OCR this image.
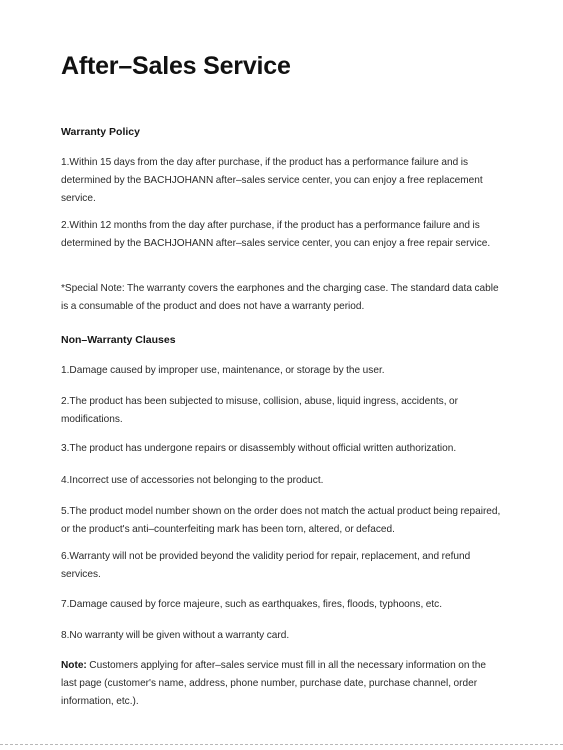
After–Sales Service
Warranty Policy

1.Within 15 days from the day after purchase, if the product has a performance failure and is determined by the BACHJOHANN after–sales service center, you can enjoy a free replacement service.

2.Within 12 months from the day after purchase, if the product has a performance failure and is determined by the BACHJOHANN after–sales service center, you can enjoy a free repair service.

*Special Note: The warranty covers the earphones and the charging case. The standard data cable is a consumable of the product and does not have a warranty period.

Non–Warranty Clauses

1.Damage caused by improper use, maintenance, or storage by the user.

2.The product has been subjected to misuse, collision, abuse, liquid ingress, accidents, or modifications.

3.The product has undergone repairs or disassembly without official written authorization.

4.Incorrect use of accessories not belonging to the product.

5.The product model number shown on the order does not match the actual product being repaired, or the product's anti–counterfeiting mark has been torn, altered, or defaced.

6.Warranty will not be provided beyond the validity period for repair, replacement, and refund services.

7.Damage caused by force majeure, such as earthquakes, fires, floods, typhoons, etc.

8.No warranty will be given without a warranty card.

Note: Customers applying for after–sales service must fill in all the necessary information on the last page (customer's name, address, phone number, purchase date, purchase channel, order information, etc.).
